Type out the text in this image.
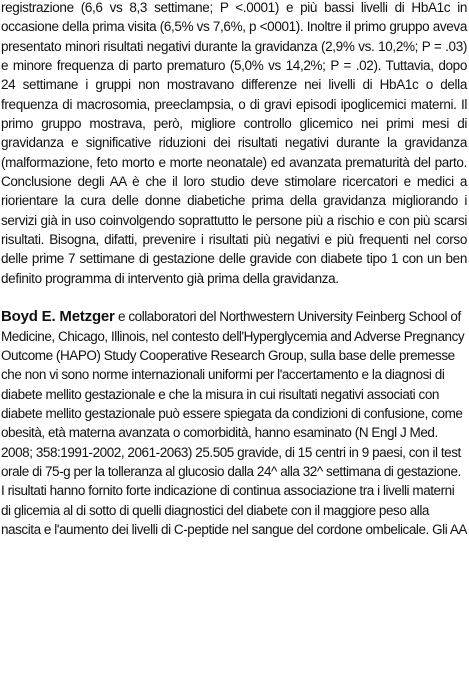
registrazione (6,6 vs 8,3 settimane; P <.0001) e più bassi livelli di HbA1c in occasione della prima visita (6,5% vs 7,6%, p <0001). Inoltre il primo gruppo aveva presentato minori risultati negativi durante la gravidanza (2,9% vs. 10,2%; P = .03) e minore frequenza di parto prematuro (5,0% vs 14,2%; P = .02). Tuttavia, dopo 24 settimane i gruppi non mostravano differenze nei livelli di HbA1c o della frequenza di macrosomia, preeclampsia, o di gravi episodi ipoglicemici materni. Il primo gruppo mostrava, però, migliore controllo glicemico nei primi mesi di gravidanza e significative riduzioni dei risultati negativi durante la gravidanza (malformazione, feto morto e morte neonatale) ed avanzata prematurità del parto. Conclusione degli AA è che il loro studio deve stimolare ricercatori e medici a riorientare la cura delle donne diabetiche prima della gravidanza migliorando i servizi già in uso coinvolgendo soprattutto le persone più a rischio e con più scarsi risultati. Bisogna, difatti, prevenire i risultati più negativi e più frequenti nel corso delle prime 7 settimane di gestazione delle gravide con diabete tipo 1 con un ben definito programma di intervento già prima della gravidanza.

Boyd E. Metzger e collaboratori del Northwestern University Feinberg School of Medicine, Chicago, Illinois, nel contesto dell'Hyperglycemia and Adverse Pregnancy Outcome (HAPO) Study Cooperative Research Group, sulla base delle premesse che non vi sono norme internazionali uniformi per l'accertamento e la diagnosi di diabete mellito gestazionale e che la misura in cui risultati negativi associati con diabete mellito gestazionale può essere spiegata da condizioni di confusione, come obesità, età materna avanzata o comorbidità, hanno esaminato (N Engl J Med. 2008; 358:1991-2002, 2061-2063) 25.505 gravide, di 15 centri in 9 paesi, con il test orale di 75-g per la tolleranza al glucosio dalla 24^ alla 32^ settimana di gestazione. I risultati hanno fornito forte indicazione di continua associazione tra i livelli materni di glicemia al di sotto di quelli diagnostici del diabete con il maggiore peso alla nascita e l'aumento dei livelli di C-peptide nel sangue del cordone ombelicale. Gli AA
